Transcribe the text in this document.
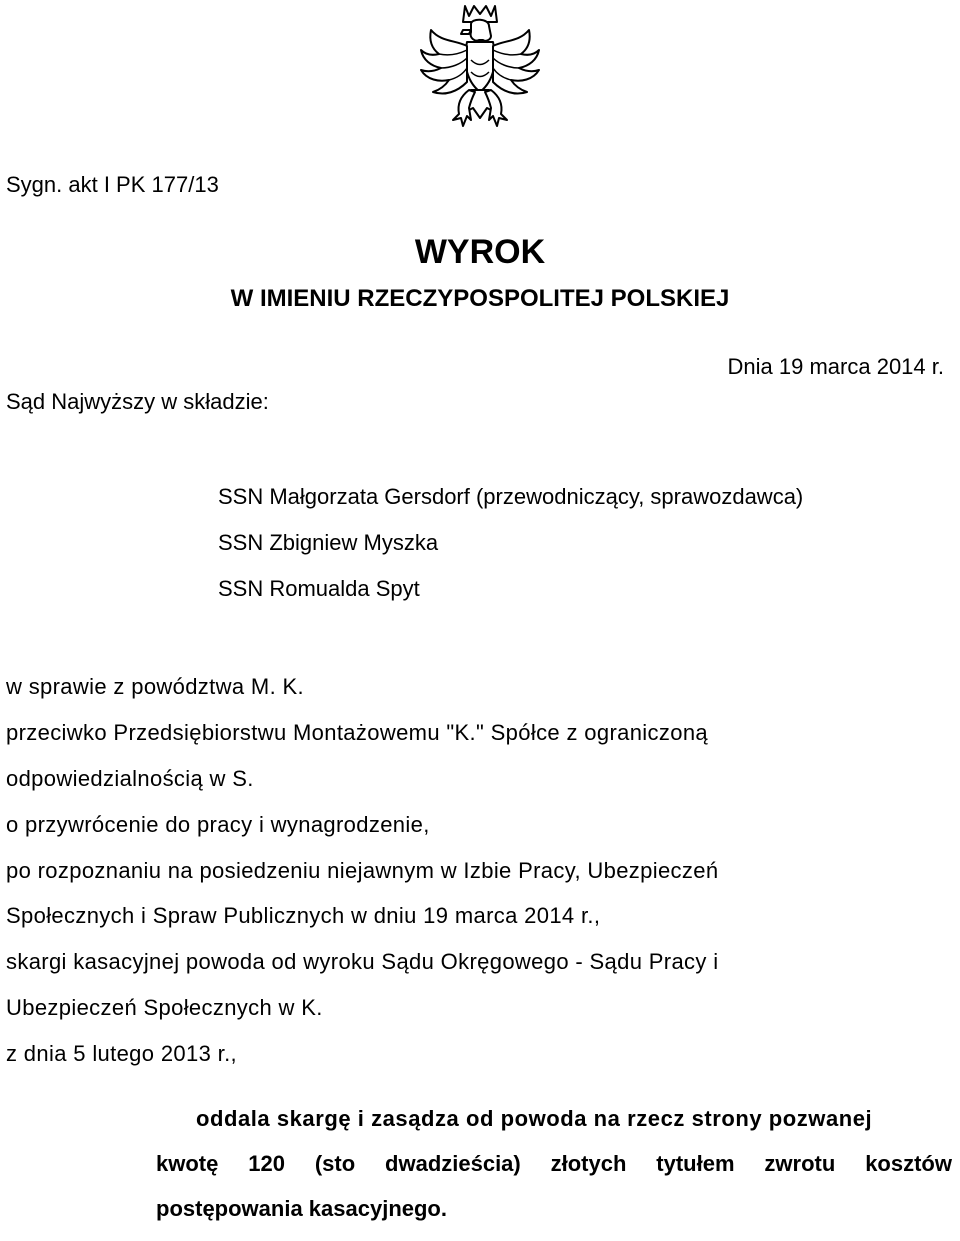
Sygn. akt I PK 177/13
WYROK
W IMIENIU RZECZYPOSPOLITEJ POLSKIEJ
Dnia 19 marca 2014 r.
Sąd Najwyższy w składzie:
SSN Małgorzata Gersdorf (przewodniczący, sprawozdawca)
SSN Zbigniew Myszka
SSN Romualda Spyt
w sprawie z powództwa M. K.
przeciwko Przedsiębiorstwu Montażowemu "K." Spółce z ograniczoną
odpowiedzialnością w S.
o przywrócenie do pracy i wynagrodzenie,
po rozpoznaniu na posiedzeniu niejawnym w Izbie Pracy, Ubezpieczeń
Społecznych i Spraw Publicznych w dniu 19 marca 2014 r.,
skargi kasacyjnej powoda od wyroku Sądu Okręgowego - Sądu Pracy i
Ubezpieczeń Społecznych w K.
z dnia 5 lutego 2013 r.,
oddala skargę i zasądza od powoda na rzecz strony pozwanej
kwotę 120 (sto dwadzieścia) złotych tytułem zwrotu kosztów
postępowania kasacyjnego.
